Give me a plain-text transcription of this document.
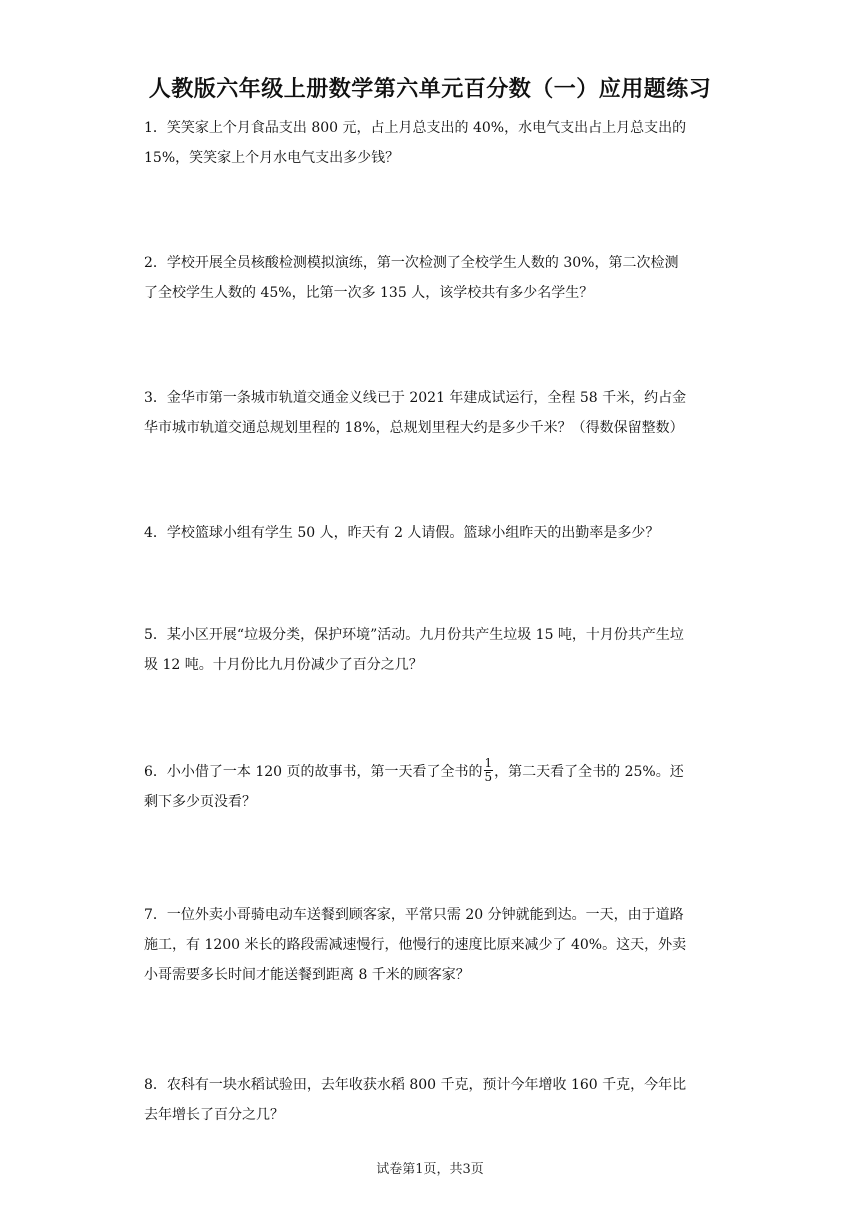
人教版六年级上册数学第六单元百分数（一）应用题练习
1．笑笑家上个月食品支出 800 元，占上月总支出的 40%，水电气支出占上月总支出的
15%，笑笑家上个月水电气支出多少钱？
2．学校开展全员核酸检测模拟演练，第一次检测了全校学生人数的 30%，第二次检测
了全校学生人数的 45%，比第一次多 135 人，该学校共有多少名学生？
3．金华市第一条城市轨道交通金义线已于 2021 年建成试运行，全程 58 千米，约占金
华市城市轨道交通总规划里程的 18%，总规划里程大约是多少千米？（得数保留整数）
4．学校篮球小组有学生 50 人，昨天有 2 人请假。篮球小组昨天的出勤率是多少？
5．某小区开展“垃圾分类，保护环境”活动。九月份共产生垃圾 15 吨，十月份共产生垃
圾 12 吨。十月份比九月份减少了百分之几？
6．小小借了一本 120 页的故事书，第一天看了全书的 $\frac{1}{5}$ ，第二天看了全书的 25%。还
剩下多少页没看？
7．一位外卖小哥骑电动车送餐到顾客家，平常只需 20 分钟就能到达。一天，由于道路
施工，有 1200 米长的路段需减速慢行，他慢行的速度比原来减少了 40%。这天，外卖
小哥需要多长时间才能送餐到距离 8 千米的顾客家？
8．农科有一块水稻试验田，去年收获水稻 800 千克，预计今年增收 160 千克，今年比
去年增长了百分之几？
试卷第1页，共3页
